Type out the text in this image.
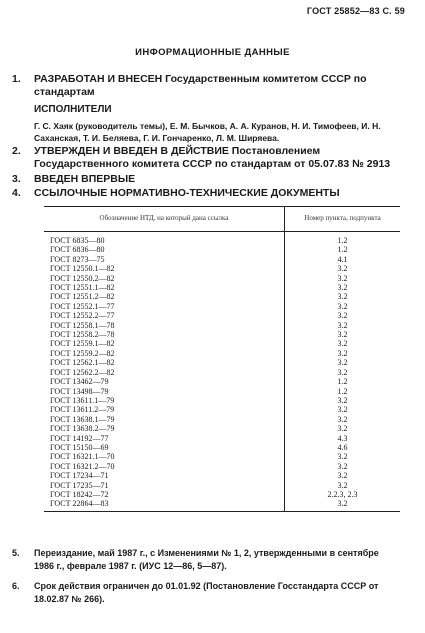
ГОСТ 25852—83 С. 59
ИНФОРМАЦИОННЫЕ ДАННЫЕ
1. РАЗРАБОТАН И ВНЕСЕН Государственным комитетом СССР по стандартам
ИСПОЛНИТЕЛИ
Г. С. Хаяк (руководитель темы), Е. М. Бычков, А. А. Куранов, Н. И. Тимофеев, И. Н. Саханская, Т. И. Беляева, Г. И. Гончаренко, Л. М. Ширяева.
2. УТВЕРЖДЕН И ВВЕДЕН В ДЕЙСТВИЕ Постановлением Государственного комитета СССР по стандартам от 05.07.83 № 2913
3. ВВЕДЕН ВПЕРВЫЕ
4. ССЫЛОЧНЫЕ НОРМАТИВНО-ТЕХНИЧЕСКИЕ ДОКУМЕНТЫ
Обозначение НТД, на который дана ссылка	Номер пункта, подпункта
ГОСТ 6835—80	1.2
ГОСТ 6836—80	1.2
ГОСТ 8273—75	4.1
ГОСТ 12550.1—82	3.2
ГОСТ 12550.2—82	3.2
ГОСТ 12551.1—82	3.2
ГОСТ 12551.2—82	3.2
ГОСТ 12552.1—77	3.2
ГОСТ 12552.2—77	3.2
ГОСТ 12558.1—78	3.2
ГОСТ 12558.2—78	3.2
ГОСТ 12559.1—82	3.2
ГОСТ 12559.2—82	3.2
ГОСТ 12562.1—82	3.2
ГОСТ 12562.2—82	3.2
ГОСТ 13462—79	1.2
ГОСТ 13498—79	1.2
ГОСТ 13611.1—79	3.2
ГОСТ 13611.2—79	3.2
ГОСТ 13638.1—79	3.2
ГОСТ 13638.2—79	3.2
ГОСТ 14192—77	4.3
ГОСТ 15150—69	4.6
ГОСТ 16321.1—70	3.2
ГОСТ 16321.2—70	3.2
ГОСТ 17234—71	3.2
ГОСТ 17235—71	3.2
ГОСТ 18242—72	2.2.3, 2.3
ГОСТ 22864—83	3.2
5. Переиздание, май 1987 г., с Изменениями № 1, 2, утвержденными в сентябре 1986 г., феврале 1987 г. (ИУС 12—86, 5—87).
6. Срок действия ограничен до 01.01.92 (Постановление Госстандарта СССР от 18.02.87 № 266).
